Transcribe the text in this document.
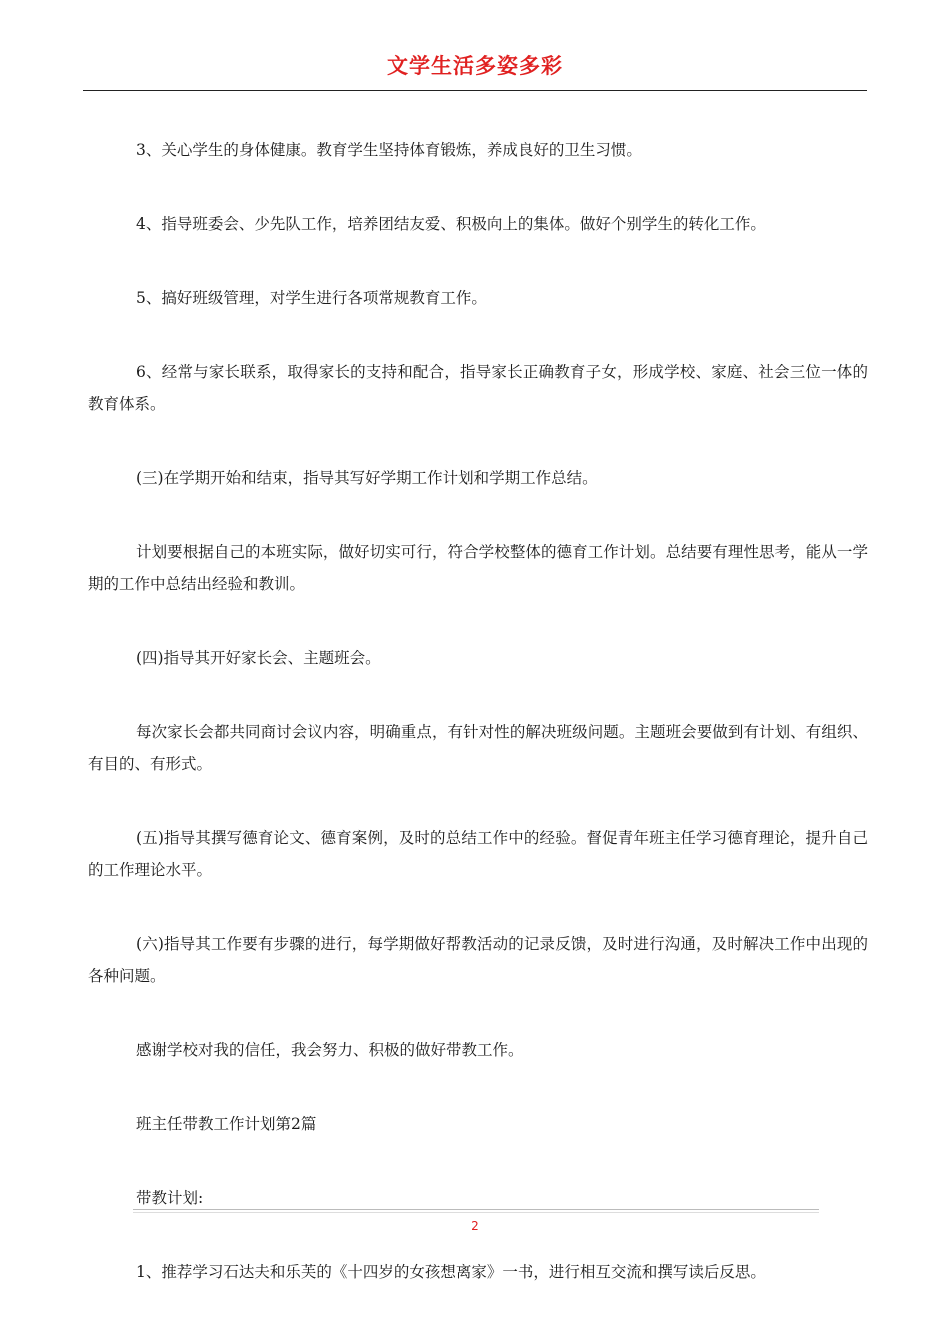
文学生活多姿多彩

3、关心学生的身体健康。教育学生坚持体育锻炼，养成良好的卫生习惯。

4、指导班委会、少先队工作，培养团结友爱、积极向上的集体。做好个别学生的转化工作。

5、搞好班级管理，对学生进行各项常规教育工作。

6、经常与家长联系，取得家长的支持和配合，指导家长正确教育子女，形成学校、家庭、社会三位一体的教育体系。

(三)在学期开始和结束，指导其写好学期工作计划和学期工作总结。

计划要根据自己的本班实际，做好切实可行，符合学校整体的德育工作计划。总结要有理性思考，能从一学期的工作中总结出经验和教训。

(四)指导其开好家长会、主题班会。

每次家长会都共同商讨会议内容，明确重点，有针对性的解决班级问题。主题班会要做到有计划、有组织、有目的、有形式。

(五)指导其撰写德育论文、德育案例，及时的总结工作中的经验。督促青年班主任学习德育理论，提升自己的工作理论水平。

(六)指导其工作要有步骤的进行，每学期做好帮教活动的记录反馈，及时进行沟通，及时解决工作中出现的各种问题。

感谢学校对我的信任，我会努力、积极的做好带教工作。

班主任带教工作计划第2篇

带教计划:

1、推荐学习石达夫和乐芙的《十四岁的女孩想离家》一书，进行相互交流和撰写读后反思。

2
